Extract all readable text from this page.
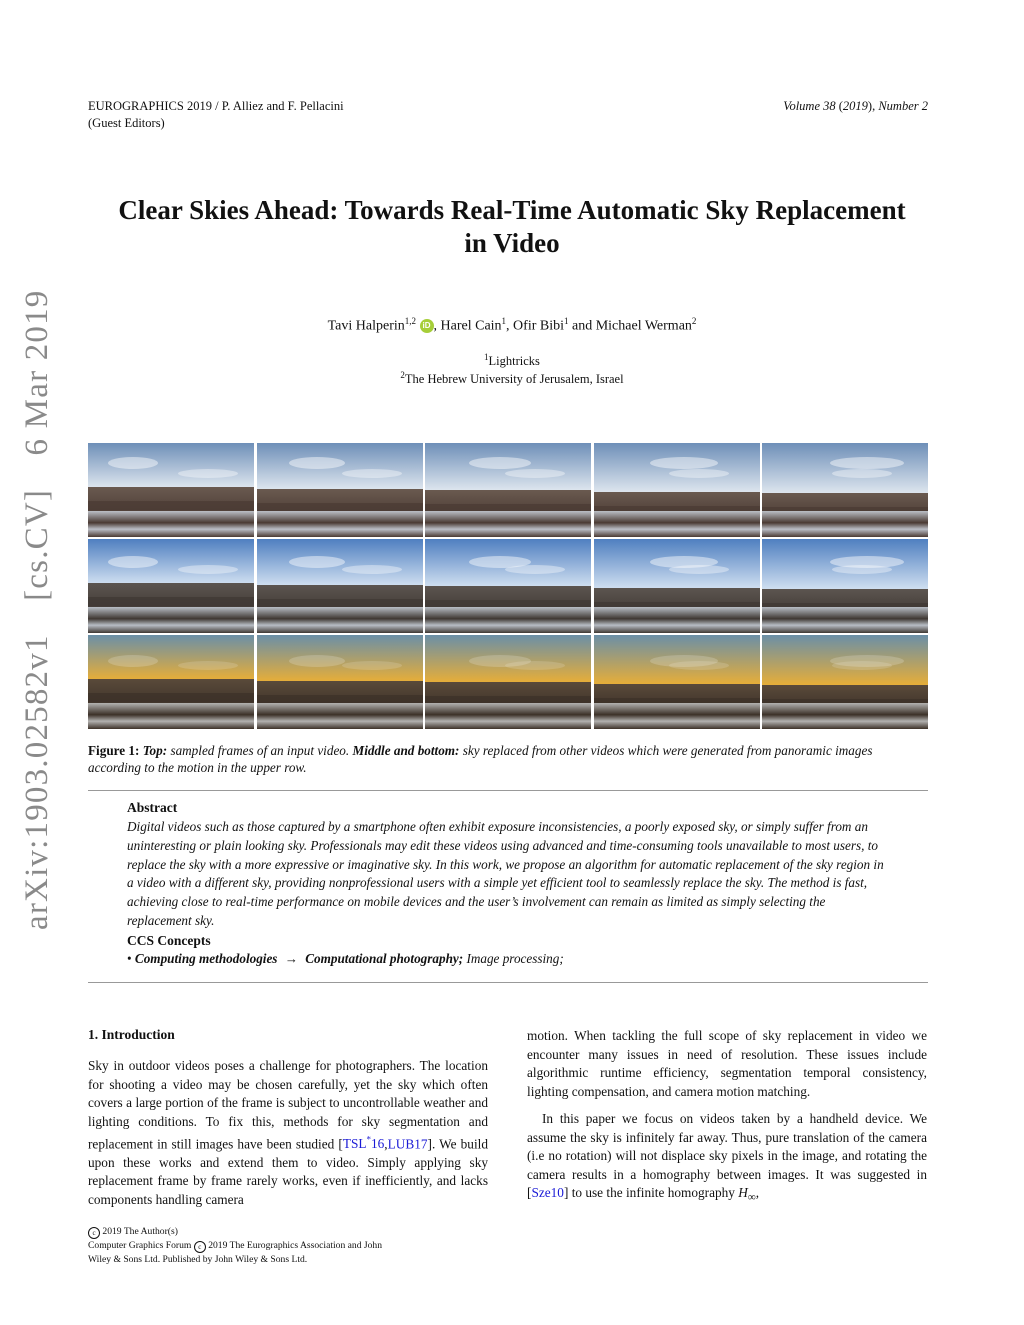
EUROGRAPHICS 2019 / P. Alliez and F. Pellacini
(Guest Editors)
Volume 38 (2019), Number 2
arXiv:1903.02582v1 [cs.CV] 6 Mar 2019
Clear Skies Ahead: Towards Real-Time Automatic Sky Replacement
in Video
Tavi Halperin$^{1,2}$ iD , Harel Cain$^1$, Ofir Bibi$^1$ and Michael Werman$^2$
$^1$Lightricks
$^2$The Hebrew University of Jerusalem, Israel
Figure 1: Top: sampled frames of an input video. Middle and bottom: sky replaced from other videos which were generated from panoramic images according to the motion in the upper row.
Abstract
Digital videos such as those captured by a smartphone often exhibit exposure inconsistencies, a poorly exposed sky, or simply suffer from an uninteresting or plain looking sky. Professionals may edit these videos using advanced and time-consuming tools unavailable to most users, to replace the sky with a more expressive or imaginative sky. In this work, we propose an algorithm for automatic replacement of the sky region in a video with a different sky, providing nonprofessional users with a simple yet efficient tool to seamlessly replace the sky. The method is fast, achieving close to real-time performance on mobile devices and the user’s involvement can remain as limited as simply selecting the replacement sky.
CCS Concepts
• Computing methodologies → Computational photography; Image processing;
1. Introduction
Sky in outdoor videos poses a challenge for photographers. The location for shooting a video may be chosen carefully, yet the sky which often covers a large portion of the frame is subject to uncontrollable weather and lighting conditions. To fix this, methods for sky segmentation and replacement in still images have been studied [TSL*16,LUB17]. We build upon these works and extend them to video. Simply applying sky replacement frame by frame rarely works, even if inefficiently, and lacks components handling camera

motion. When tackling the full scope of sky replacement in video we encounter many issues in need of resolution. These issues include algorithmic runtime efficiency, segmentation temporal consistency, lighting compensation, and camera motion matching.

In this paper we focus on videos taken by a handheld device. We assume the sky is infinitely far away. Thus, pure translation of the camera (i.e no rotation) will not displace sky pixels in the image, and rotating the camera results in a homography between images. It was suggested in [Sze10] to use the infinite homography $H_\infty$,

c 2019 The Author(s)
Computer Graphics Forum c 2019 The Eurographics Association and John
Wiley & Sons Ltd. Published by John Wiley & Sons Ltd.
